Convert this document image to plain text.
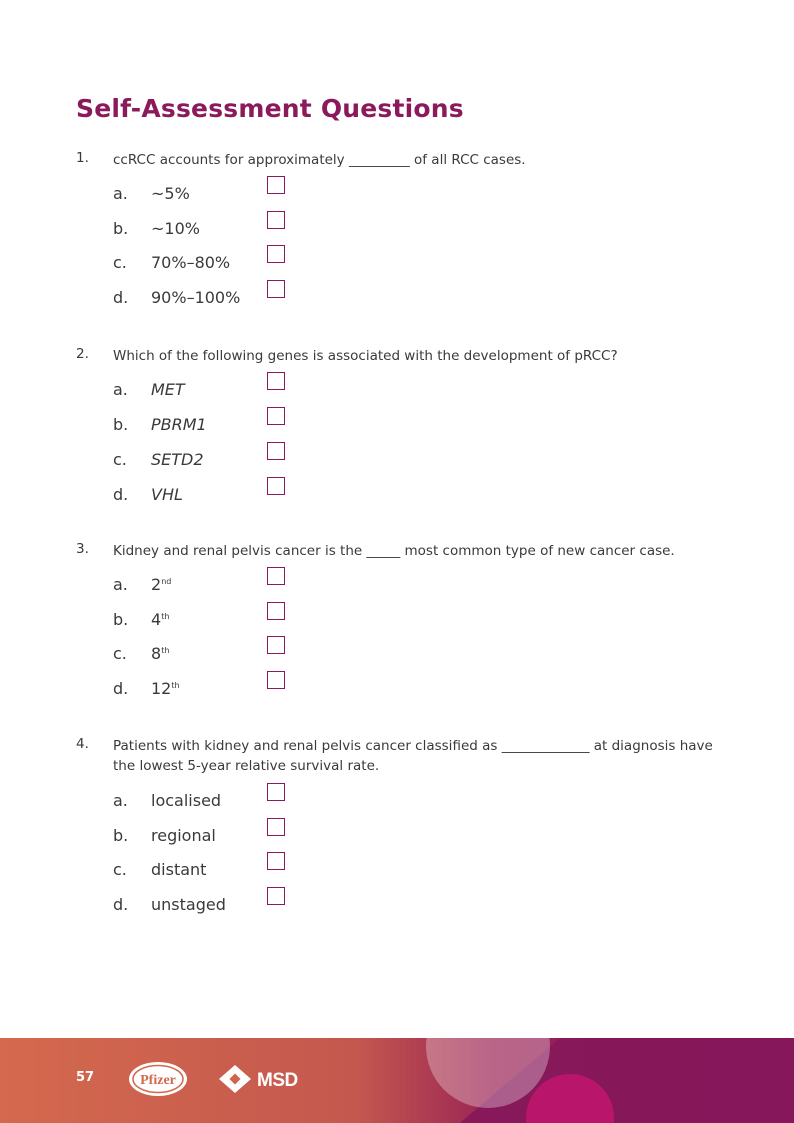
Self-Assessment Questions
1. ccRCC accounts for approximately _________ of all RCC cases.
a. ~5%
b. ~10%
c. 70%–80%
d. 90%–100%
2. Which of the following genes is associated with the development of pRCC?
a. MET
b. PBRM1
c. SETD2
d. VHL
3. Kidney and renal pelvis cancer is the _____ most common type of new cancer case.
a. 2nd
b. 4th
c. 8th
d. 12th
4. Patients with kidney and renal pelvis cancer classified as _____________ at diagnosis have the lowest 5-year relative survival rate.
a. localised
b. regional
c. distant
d. unstaged
57	Pfizer	MSD
